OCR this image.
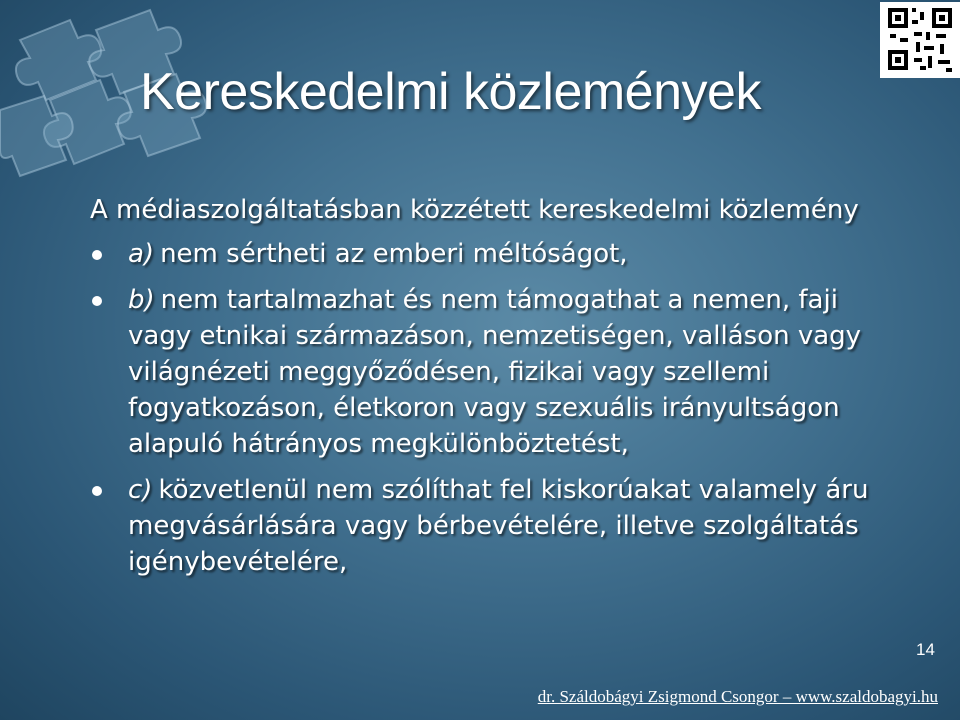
Kereskedelmi közlemények
A médiaszolgáltatásban közzétett kereskedelmi közlemény
a) nem sértheti az emberi méltóságot,
b) nem tartalmazhat és nem támogathat a nemen, faji vagy etnikai származáson, nemzetiségen, valláson vagy világnézeti meggyőződésen, fizikai vagy szellemi fogyatkozáson, életkoron vagy szexuális irányultságon alapuló hátrányos megkülönböztetést,
c) közvetlenül nem szólíthat fel kiskorúakat valamely áru megvásárlására vagy bérbevételére, illetve szolgáltatás igénybevételére,
14
dr. Száldobágyi Zsigmond Csongor – www.szaldobagyi.hu
